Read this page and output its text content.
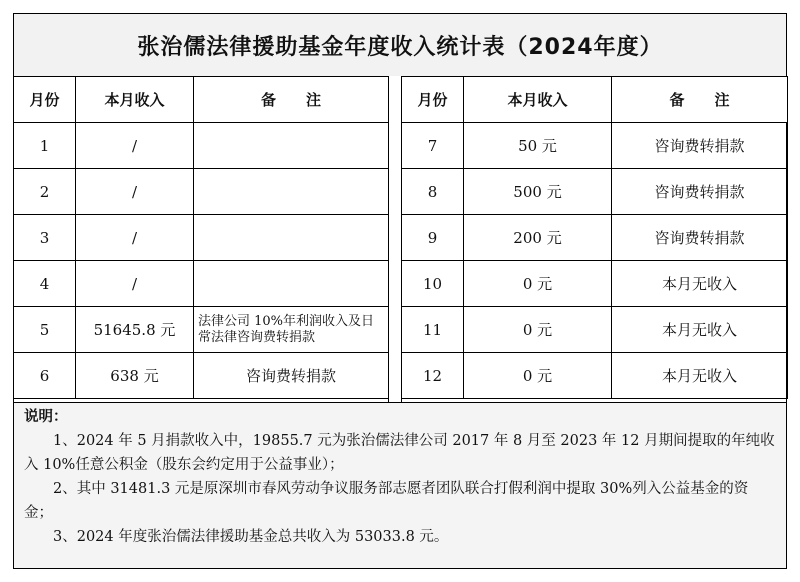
张治儒法律援助基金年度收入统计表（2024年度）
月份	本月收入	备　　注
1	/	
2	/	
3	/	
4	/	
5	51645.8 元	法律公司 10%年利润收入及日常法律咨询费转捐款
6	638 元	咨询费转捐款
月份	本月收入	备　　注
7	50 元	咨询费转捐款
8	500 元	咨询费转捐款
9	200 元	咨询费转捐款
10	0 元	本月无收入
11	0 元	本月无收入
12	0 元	本月无收入
说明：
1、2024 年 5 月捐款收入中，19855.7 元为张治儒法律公司 2017 年 8 月至 2023 年 12 月期间提取的年纯收入 10%任意公积金（股东会约定用于公益事业）；
2、其中 31481.3 元是原深圳市春风劳动争议服务部志愿者团队联合打假利润中提取 30%列入公益基金的资金；
3、2024 年度张治儒法律援助基金总共收入为 53033.8 元。
